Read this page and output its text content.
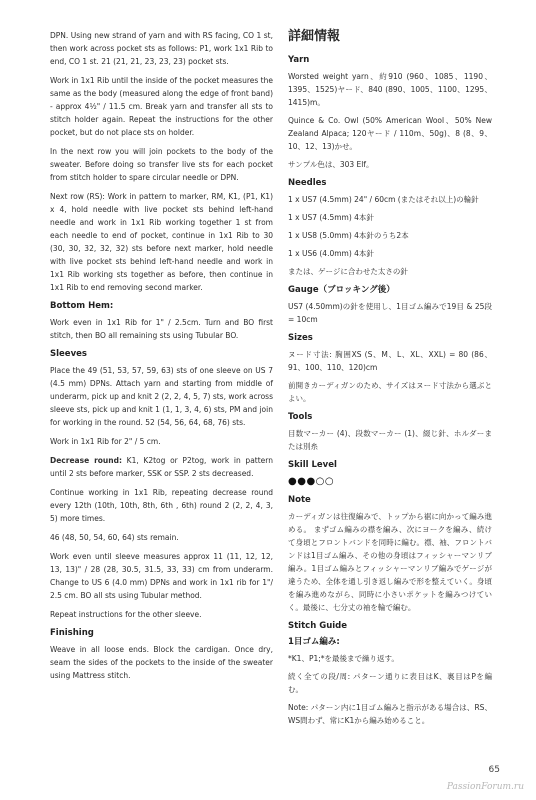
DPN. Using new strand of yarn and with RS facing, CO 1 st, then work across pocket sts as follows: P1, work 1x1 Rib to end, CO 1 st. 21 (21, 21, 23, 23, 23) pocket sts.

Work in 1x1 Rib until the inside of the pocket measures the same as the body (measured along the edge of front band) - approx 4½" / 11.5 cm. Break yarn and transfer all sts to stitch holder again. Repeat the instructions for the other pocket, but do not place sts on holder.

In the next row you will join pockets to the body of the sweater. Before doing so transfer live sts for each pocket from stitch holder to spare circular needle or DPN.

Next row (RS): Work in pattern to marker, RM, K1, (P1, K1) x 4, hold needle with live pocket sts behind left-hand needle and work in 1x1 Rib working together 1 st from each needle to end of pocket, continue in 1x1 Rib to 30 (30, 30, 32, 32, 32) sts before next marker, hold needle with live pocket sts behind left-hand needle and work in 1x1 Rib working sts together as before, then continue in 1x1 Rib to end removing second marker.

Bottom Hem:

Work even in 1x1 Rib for 1" / 2.5cm. Turn and BO first stitch, then BO all remaining sts using Tubular BO.

Sleeves

Place the 49 (51, 53, 57, 59, 63) sts of one sleeve on US 7 (4.5 mm) DPNs. Attach yarn and starting from middle of underarm, pick up and knit 2 (2, 2, 4, 5, 7) sts, work across sleeve sts, pick up and knit 1 (1, 1, 3, 4, 6) sts, PM and join for working in the round. 52 (54, 56, 64, 68, 76) sts.

Work in 1x1 Rib for 2" / 5 cm.

Decrease round: K1, K2tog or P2tog, work in pattern until 2 sts before marker, SSK or SSP. 2 sts decreased.

Continue working in 1x1 Rib, repeating decrease round every 12th (10th, 10th, 8th, 6th , 6th) round 2 (2, 2, 4, 3, 5) more times.

46 (48, 50, 54, 60, 64) sts remain.

Work even until sleeve measures approx 11 (11, 12, 12, 13, 13)" / 28 (28, 30.5, 31.5, 33, 33) cm from underarm. Change to US 6 (4.0 mm) DPNs and work in 1x1 rib for 1"/ 2.5 cm. BO all sts using Tubular method.

Repeat instructions for the other sleeve.

Finishing

Weave in all loose ends. Block the cardigan. Once dry, seam the sides of the pockets to the inside of the sweater using Mattress stitch.

詳細情報
Yarn

Worsted weight yarn、約910 (960、1085、1190、1395、1525)ヤード、840 (890、1005、1100、1295、1415)m。

Quince & Co. Owl (50% American Wool、50% New Zealand Alpaca; 120ヤード / 110m、50g)、8 (8、9、10、12、13)かせ。

サンプル色は、303 Elf。

Needles

1 x US7 (4.5mm) 24" / 60cm (またはそれ以上)の輪針

1 x US7 (4.5mm) 4本針

1 x US8 (5.0mm) 4本針のうち2本

1 x US6 (4.0mm) 4本針

または、ゲージに合わせた太さの針

Gauge（ブロッキング後）

US7 (4.50mm)の針を使用し、1目ゴム編みで19目 & 25段 = 10cm

Sizes

ヌード寸法: 胸囲XS (S、M、L、XL、XXL) = 80 (86、91、100、110、120)cm

前開きカーディガンのため、サイズはヌード寸法から選ぶとよい。

Tools

目数マーカー (4)、段数マーカー (1)、綴じ針、ホルダーまたは別糸

Skill Level
●●●○○
Note

カーディガンは往復編みで、トップから裾に向かって編み進める。 まずゴム編みの襟を編み、次にヨークを編み、続けて身頃とフロントバンドを同時に編む。襟、袖、フロントバンドは1目ゴム編み、その他の身頃はフィッシャーマンリブ編み。1目ゴム編みとフィッシャーマンリブ編みでゲージが違うため、全体を通し引き返し編みで形を整えていく。身頃を編み進めながら、同時に小さいポケットを編みつけていく。最後に、七分丈の袖を輪で編む。

Stitch Guide
1目ゴム編み:

*K1、P1;*を最後まで繰り返す。

続く全ての段/周: パターン通りに表目はK、裏目はPを編む。

Note: パターン内に1目ゴム編みと指示がある場合は、RS、WS問わず、常にK1から編み始めること。

65
PassionForum.ru
